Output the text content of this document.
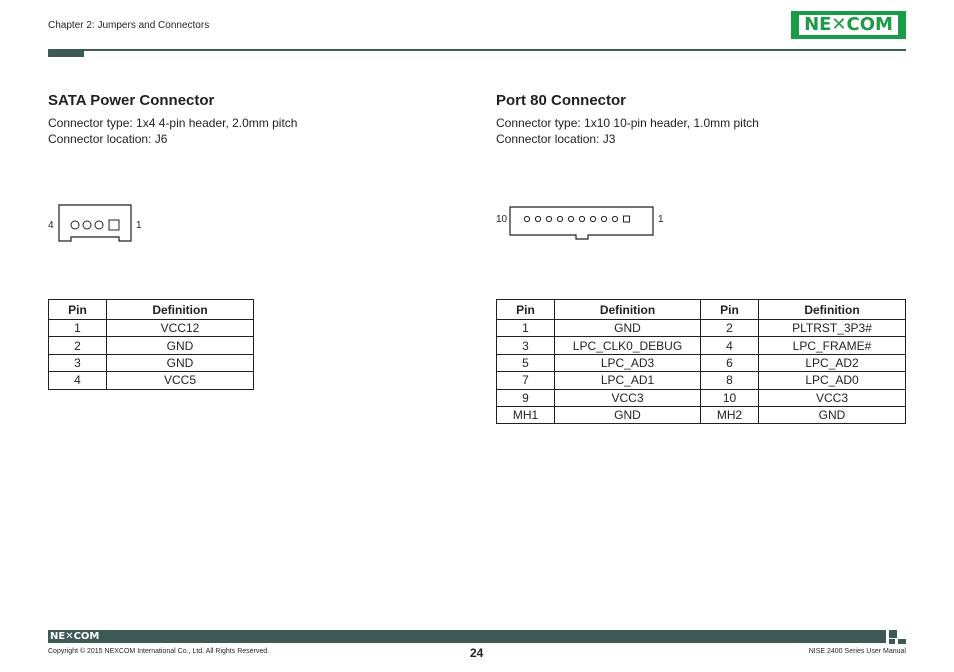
Chapter 2: Jumpers and Connectors	NE✕COM
SATA Power Connector
Connector type: 1x4 4-pin header, 2.0mm pitch
Connector location: J6
4	1
Pin	Definition
1	VCC12
2	GND
3	GND
4	VCC5
Port 80 Connector
Connector type: 1x10 10-pin header, 1.0mm pitch
Connector location: J3
10	1
Pin	Definition	Pin	Definition
1	GND	2	PLTRST_3P3#
3	LPC_CLK0_DEBUG	4	LPC_FRAME#
5	LPC_AD3	6	LPC_AD2
7	LPC_AD1	8	LPC_AD0
9	VCC3	10	VCC3
MH1	GND	MH2	GND
NE✕COM
Copyright © 2015 NEXCOM International Co., Ltd. All Rights Reserved.	24	NISE 2400 Series User Manual
